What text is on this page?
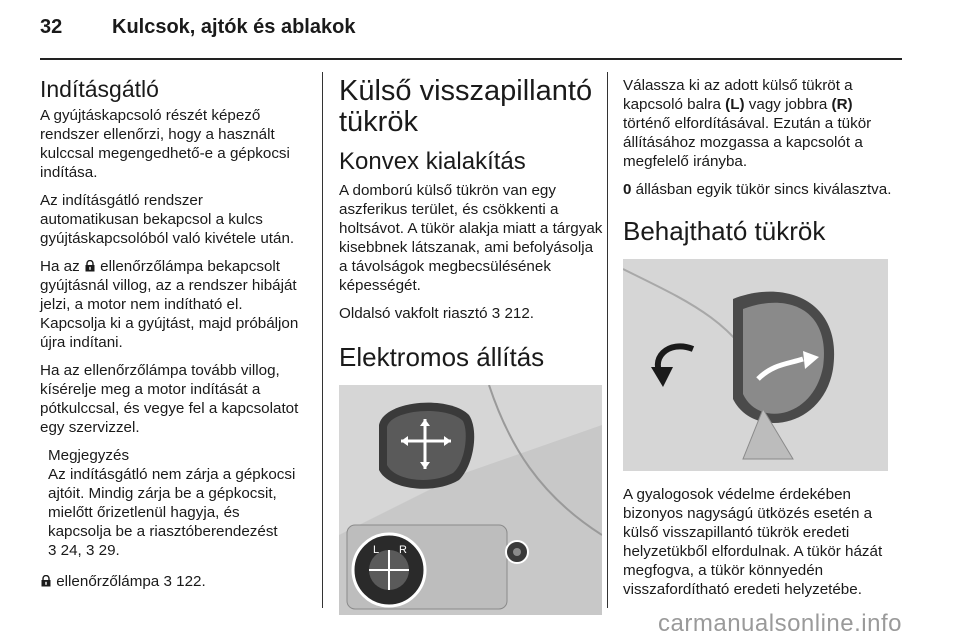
32 Kulcsok, ajtók és ablakok
Indításgátló

A gyújtáskapcsoló részét képező rendszer ellenőrzi, hogy a használt kulccsal megengedhető-e a gépkocsi indítása.

Az indításgátló rendszer automatikusan bekapcsol a kulcs gyújtáskapcsolóból való kivétele után.

Ha az ellenőrzőlámpa bekapcsolt gyújtásnál villog, az a rendszer hibáját jelzi, a motor nem indítható el. Kapcsolja ki a gyújtást, majd próbáljon újra indítani.

Ha az ellenőrzőlámpa tovább villog, kísérelje meg a motor indítását a pótkulccsal, és vegye fel a kapcsolatot egy szervizzel.

Megjegyzés

Az indításgátló nem zárja a gépkocsi ajtóit. Mindig zárja be a gépkocsit, mielőtt őrizetlenül hagyja, és kapcsolja be a riasztóberendezést
3 24, 3 29.

ellenőrzőlámpa 3 122.

Külső visszapillantó tükrök
Konvex kialakítás

A domború külső tükrön van egy aszferikus terület, és csökkenti a holtsávot. A tükör alakja miatt a tárgyak kisebbnek látszanak, ami befolyásolja a távolságok megbecsülésének képességét.

Oldalsó vakfolt riasztó 3 212.

Elektromos állítás
L R

Válassza ki az adott külső tükröt a kapcsoló balra (L) vagy jobbra (R) történő elfordításával. Ezután a tükör állításához mozgassa a kapcsolót a megfelelő irányba.

0 állásban egyik tükör sincs kiválasztva.

Behajtható tükrök

A gyalogosok védelme érdekében bizonyos nagyságú ütközés esetén a külső visszapillantó tükrök eredeti helyzetükből elfordulnak. A tükör házát megfogva, a tükör könnyedén visszafordítható eredeti helyzetébe.

carmanualsonline.info
